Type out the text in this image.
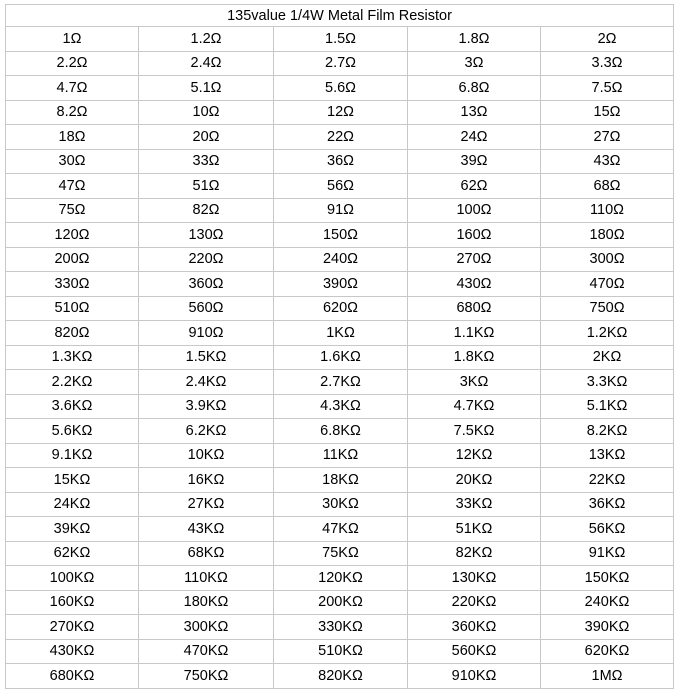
135value 1/4W Metal Film Resistor				
1Ω	1.2Ω	1.5Ω	1.8Ω	2Ω
2.2Ω	2.4Ω	2.7Ω	3Ω	3.3Ω
4.7Ω	5.1Ω	5.6Ω	6.8Ω	7.5Ω
8.2Ω	10Ω	12Ω	13Ω	15Ω
18Ω	20Ω	22Ω	24Ω	27Ω
30Ω	33Ω	36Ω	39Ω	43Ω
47Ω	51Ω	56Ω	62Ω	68Ω
75Ω	82Ω	91Ω	100Ω	110Ω
120Ω	130Ω	150Ω	160Ω	180Ω
200Ω	220Ω	240Ω	270Ω	300Ω
330Ω	360Ω	390Ω	430Ω	470Ω
510Ω	560Ω	620Ω	680Ω	750Ω
820Ω	910Ω	1KΩ	1.1KΩ	1.2KΩ
1.3KΩ	1.5KΩ	1.6KΩ	1.8KΩ	2KΩ
2.2KΩ	2.4KΩ	2.7KΩ	3KΩ	3.3KΩ
3.6KΩ	3.9KΩ	4.3KΩ	4.7KΩ	5.1KΩ
5.6KΩ	6.2KΩ	6.8KΩ	7.5KΩ	8.2KΩ
9.1KΩ	10KΩ	11KΩ	12KΩ	13KΩ
15KΩ	16KΩ	18KΩ	20KΩ	22KΩ
24KΩ	27KΩ	30KΩ	33KΩ	36KΩ
39KΩ	43KΩ	47KΩ	51KΩ	56KΩ
62KΩ	68KΩ	75KΩ	82KΩ	91KΩ
100KΩ	110KΩ	120KΩ	130KΩ	150KΩ
160KΩ	180KΩ	200KΩ	220KΩ	240KΩ
270KΩ	300KΩ	330KΩ	360KΩ	390KΩ
430KΩ	470KΩ	510KΩ	560KΩ	620KΩ
680KΩ	750KΩ	820KΩ	910KΩ	1MΩ
